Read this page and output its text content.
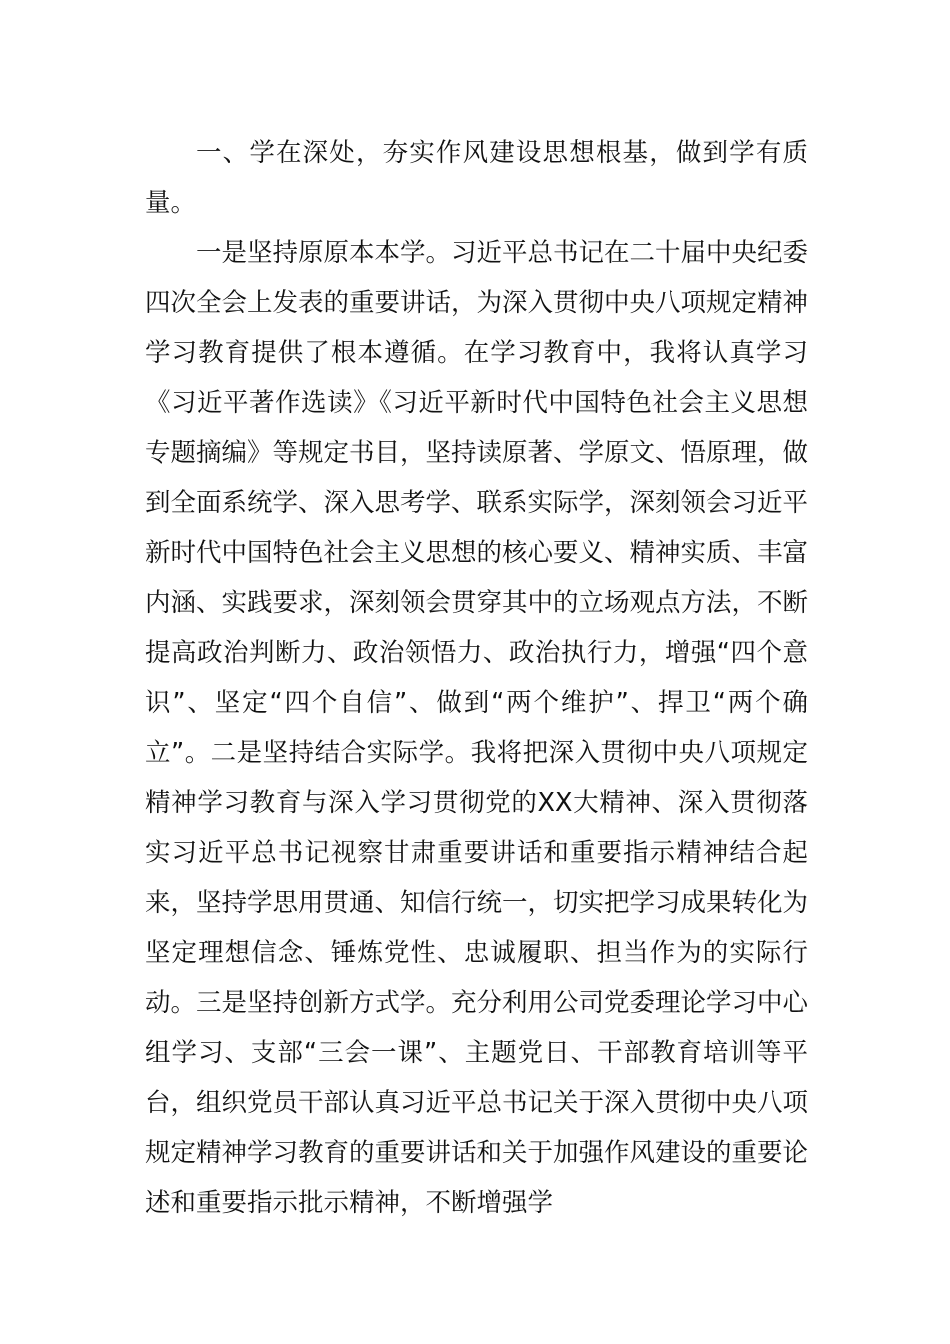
一、学在深处，夯实作风建设思想根基，做到学有质量。

一是坚持原原本本学。习近平总书记在二十届中央纪委四次全会上发表的重要讲话，为深入贯彻中央八项规定精神学习教育提供了根本遵循。在学习教育中，我将认真学习《习近平著作选读》《习近平新时代中国特色社会主义思想专题摘编》等规定书目，坚持读原著、学原文、悟原理，做到全面系统学、深入思考学、联系实际学，深刻领会习近平新时代中国特色社会主义思想的核心要义、精神实质、丰富内涵、实践要求，深刻领会贯穿其中的立场观点方法，不断提高政治判断力、政治领悟力、政治执行力，增强“四个意识”、坚定“四个自信”、做到“两个维护”、捍卫“两个确立”。二是坚持结合实际学。我将把深入贯彻中央八项规定精神学习教育与深入学习贯彻党的XX大精神、深入贯彻落实习近平总书记视察甘肃重要讲话和重要指示精神结合起来，坚持学思用贯通、知信行统一，切实把学习成果转化为坚定理想信念、锤炼党性、忠诚履职、担当作为的实际行动。三是坚持创新方式学。充分利用公司党委理论学习中心组学习、支部“三会一课”、主题党日、干部教育培训等平台，组织党员干部认真习近平总书记关于深入贯彻中央八项规定精神学习教育的重要讲话和关于加强作风建设的重要论述和重要指示批示精神，不断增强学
